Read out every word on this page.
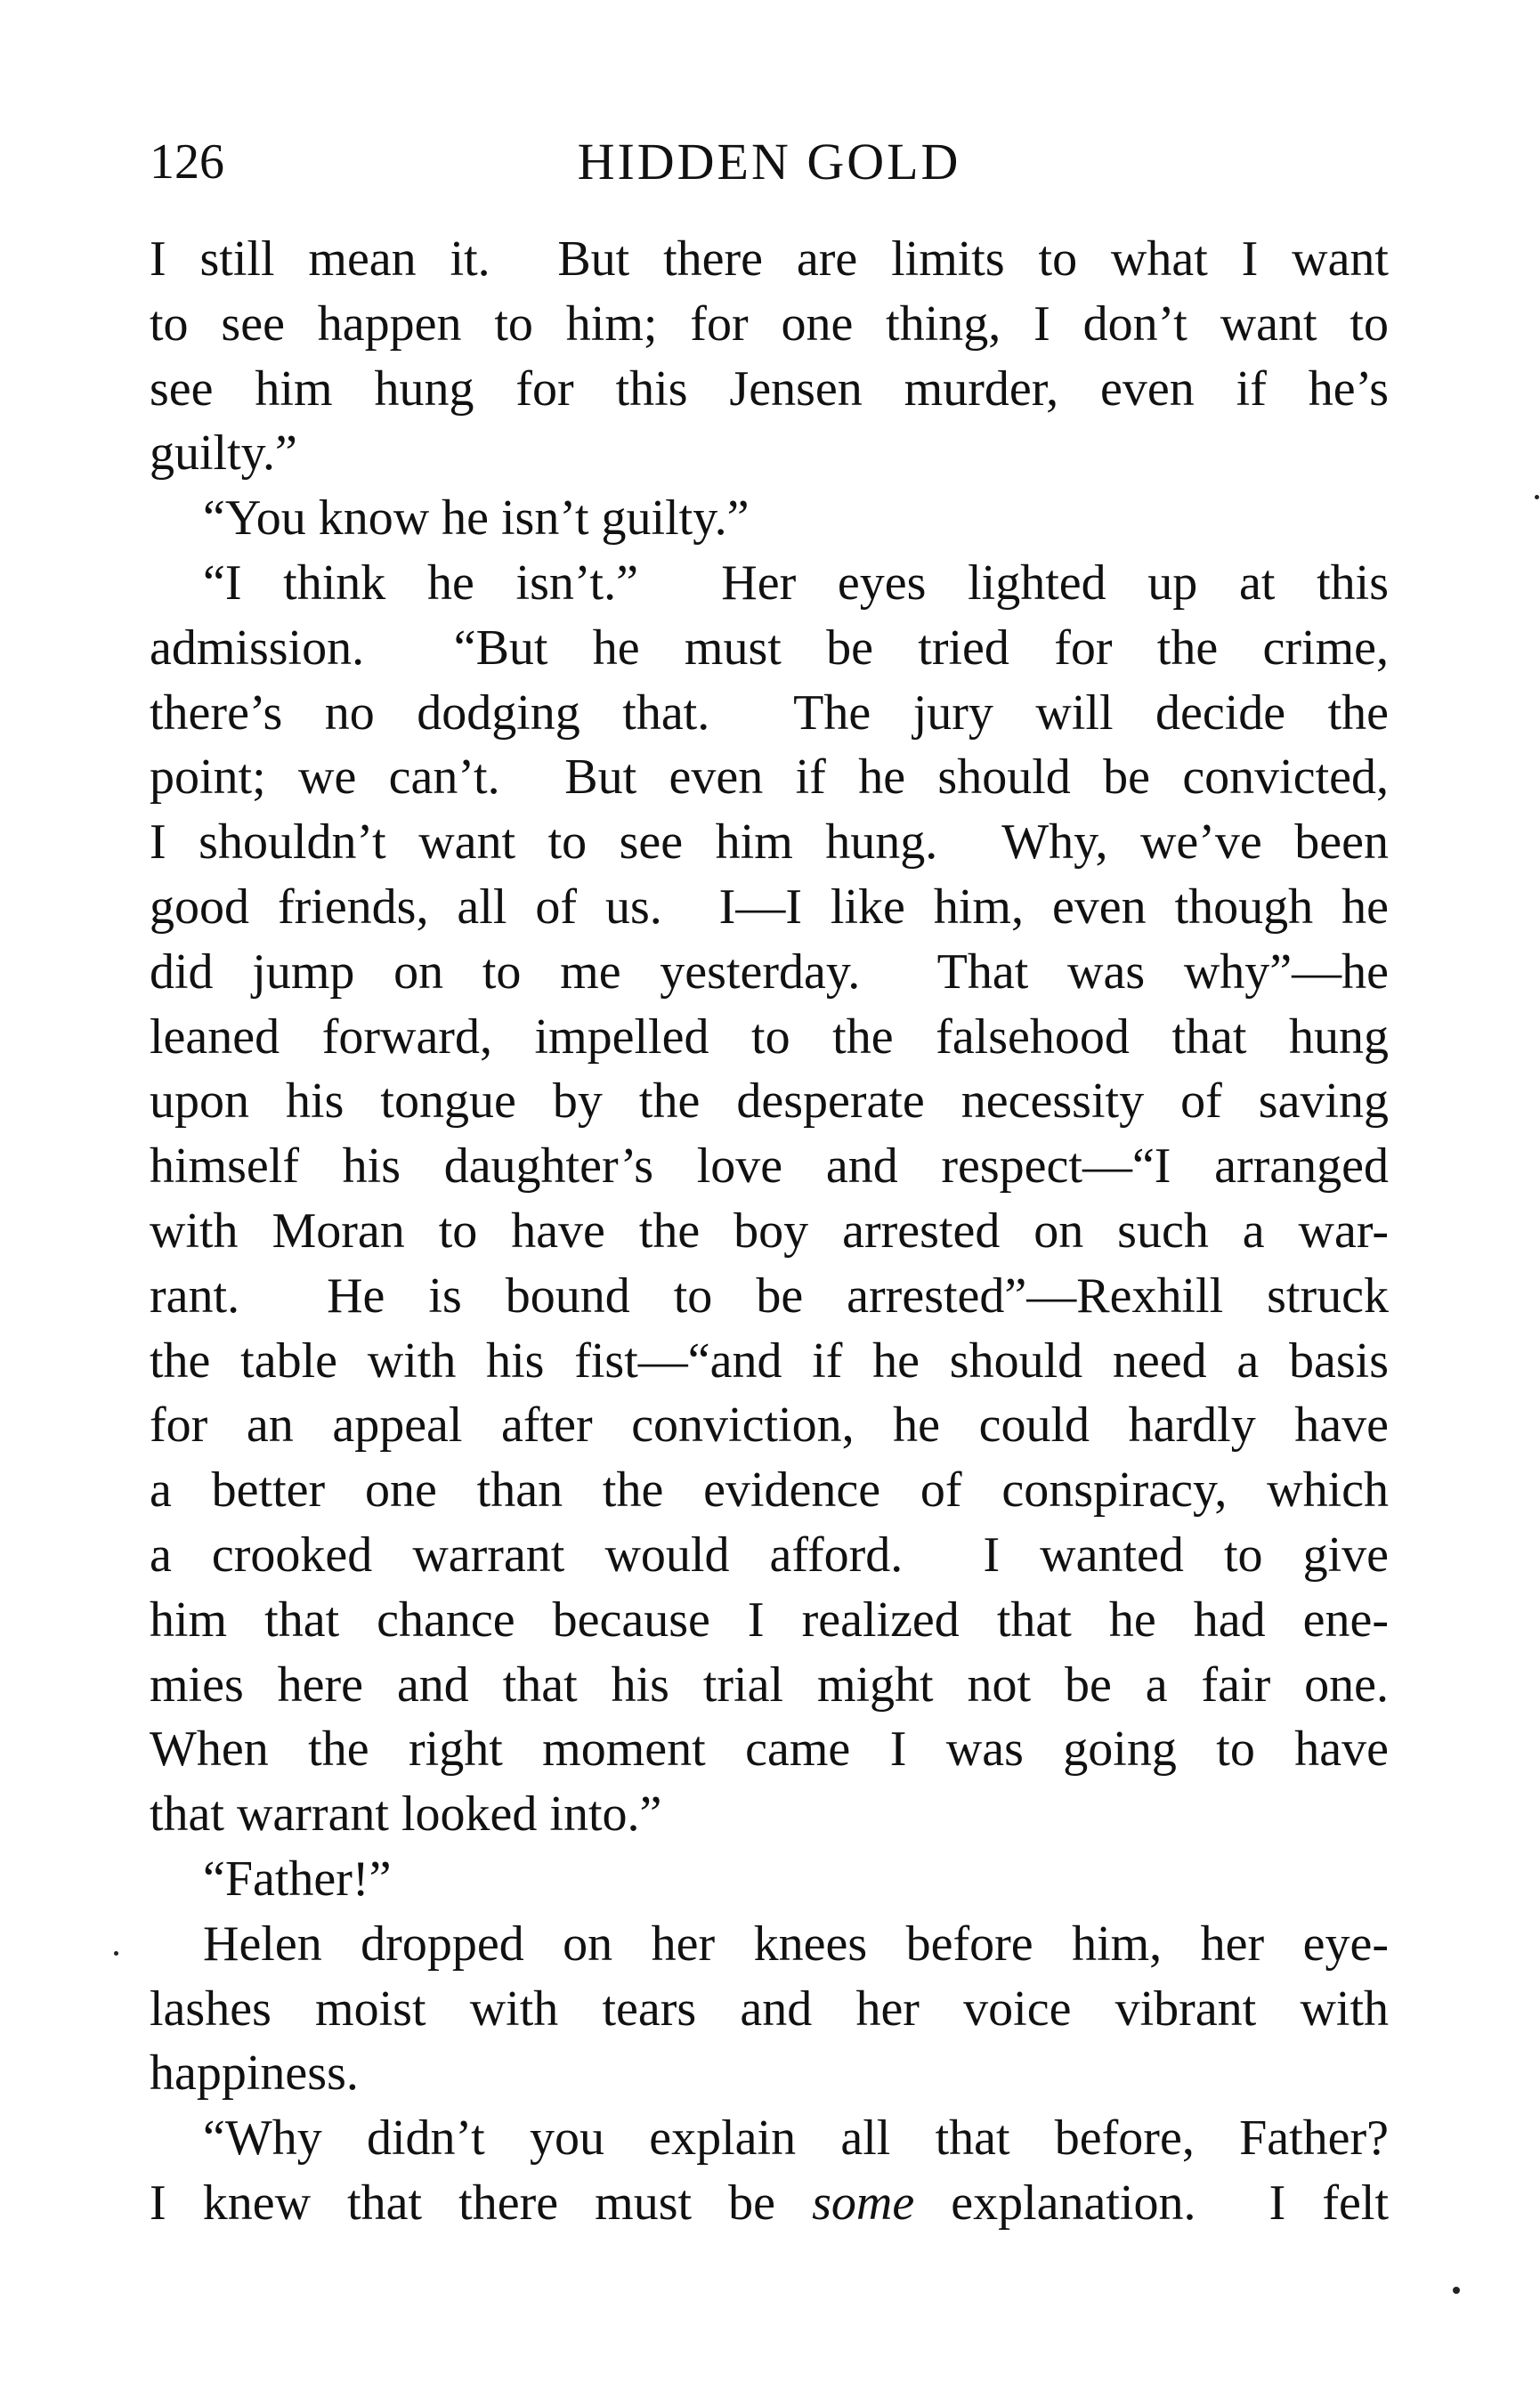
126	HIDDEN GOLD
I still mean it.  But there are limits to what I want
to see happen to him; for one thing, I don’t want to
see him hung for this Jensen murder, even if he’s
guilty.”
“You know he isn’t guilty.”
“I think he isn’t.”  Her eyes lighted up at this
admission.  “But he must be tried for the crime,
there’s no dodging that.  The jury will decide the
point; we can’t.  But even if he should be convicted,
I shouldn’t want to see him hung.  Why, we’ve been
good friends, all of us.  I—I like him, even though he
did jump on to me yesterday.  That was why”—he
leaned forward, impelled to the falsehood that hung
upon his tongue by the desperate necessity of saving
himself his daughter’s love and respect—“I arranged
with Moran to have the boy arrested on such a war-
rant.  He is bound to be arrested”—Rexhill struck
the table with his fist—“and if he should need a basis
for an appeal after conviction, he could hardly have
a better one than the evidence of conspiracy, which
a crooked warrant would afford.  I wanted to give
him that chance because I realized that he had ene-
mies here and that his trial might not be a fair one.
When the right moment came I was going to have
that warrant looked into.”
“Father!”
Helen dropped on her knees before him, her eye-
lashes moist with tears and her voice vibrant with
happiness.
“Why didn’t you explain all that before, Father?
I knew that there must be some explanation.  I felt
